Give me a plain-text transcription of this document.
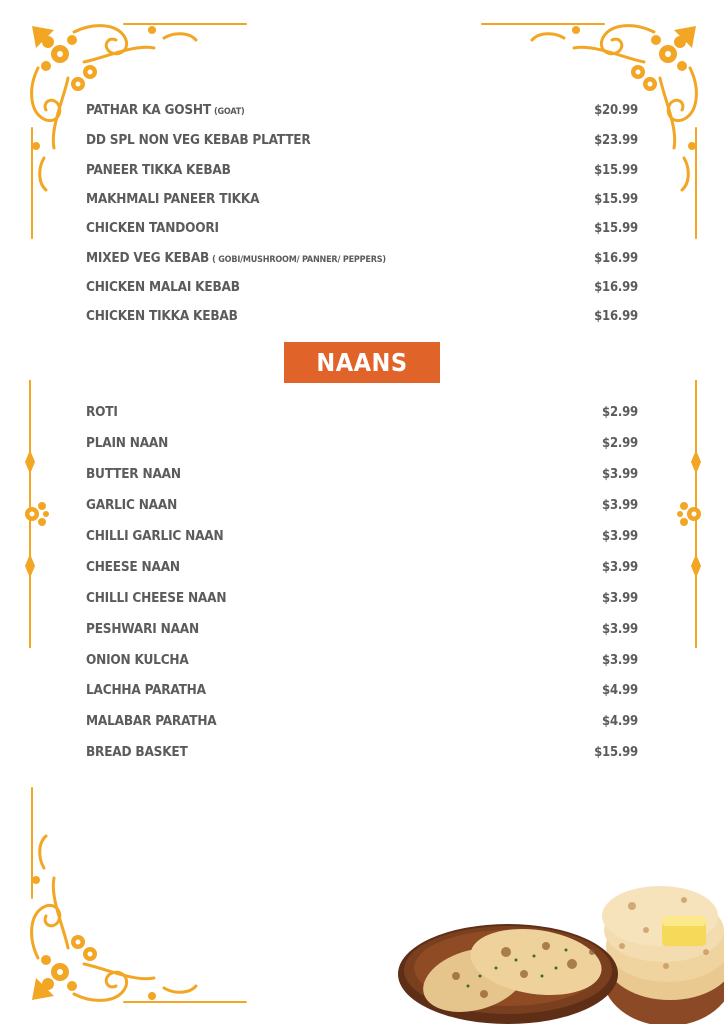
PATHAR KA GOSHT (GOAT)	$20.99
DD SPL NON VEG KEBAB PLATTER	$23.99
PANEER TIKKA KEBAB	$15.99
MAKHMALI PANEER TIKKA	$15.99
CHICKEN TANDOORI	$15.99
MIXED VEG KEBAB ( GOBI/MUSHROOM/ PANNER/ PEPPERS)	$16.99
CHICKEN MALAI KEBAB	$16.99
CHICKEN TIKKA KEBAB	$16.99
NAANS
ROTI	$2.99
PLAIN NAAN	$2.99
BUTTER NAAN	$3.99
GARLIC NAAN	$3.99
CHILLI GARLIC NAAN	$3.99
CHEESE NAAN	$3.99
CHILLI CHEESE NAAN	$3.99
PESHWARI NAAN	$3.99
ONION KULCHA	$3.99
LACHHA PARATHA	$4.99
MALABAR PARATHA	$4.99
BREAD BASKET	$15.99
